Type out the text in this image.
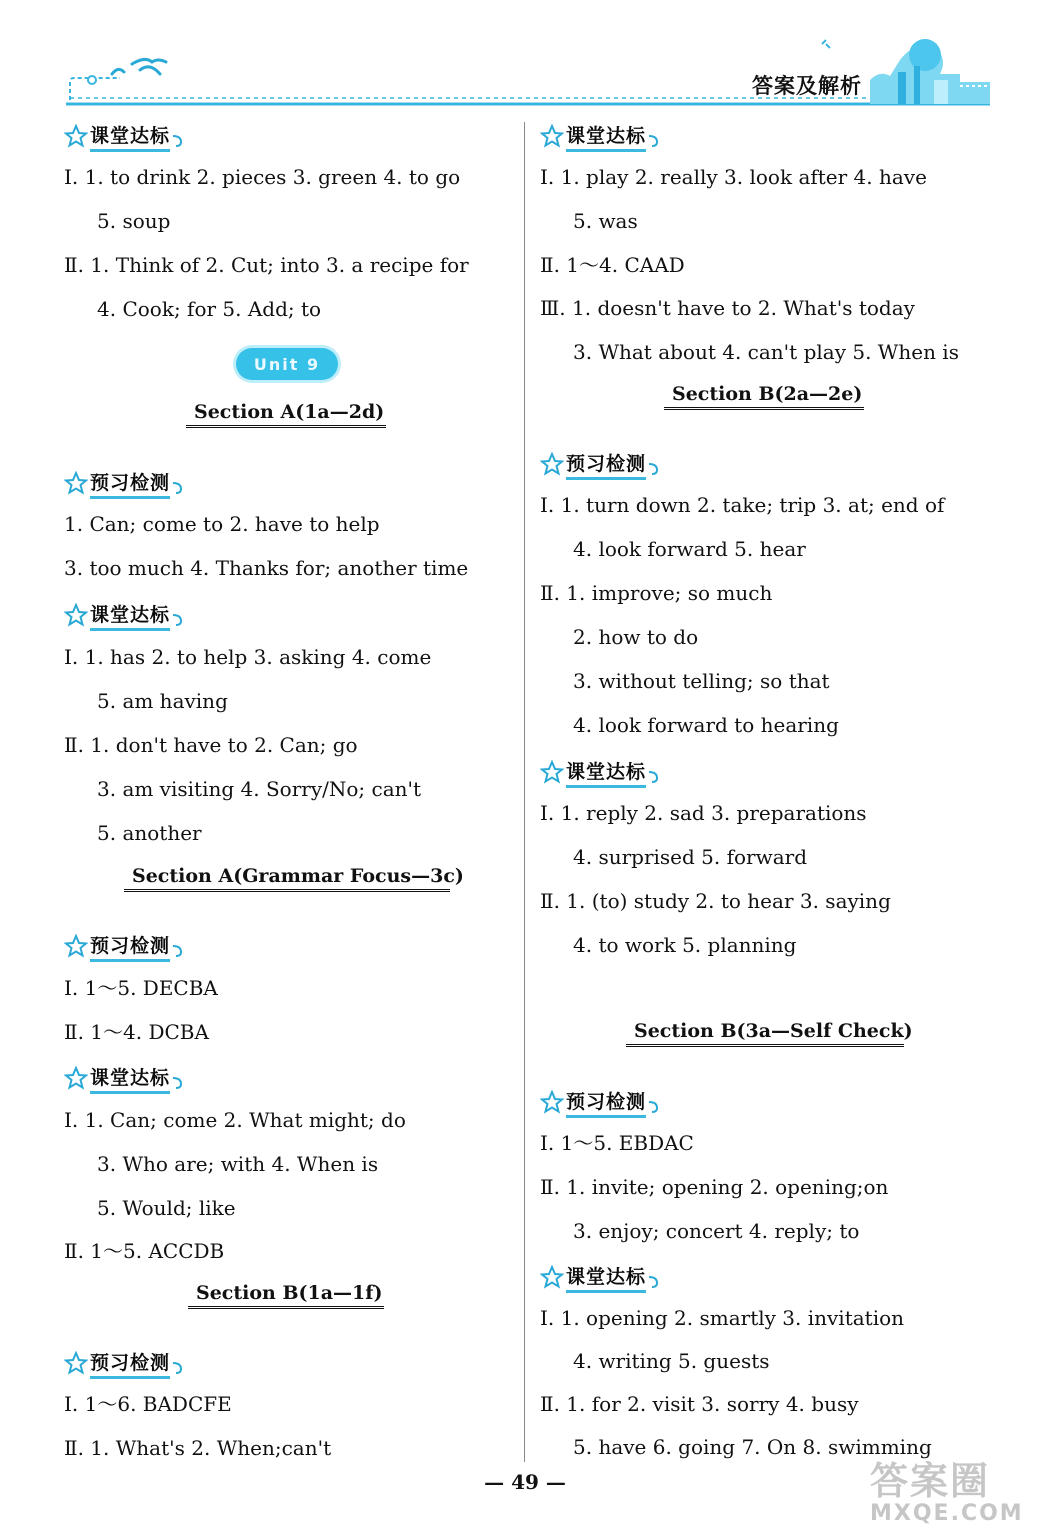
答案及解析
课堂达标
Ⅰ. 1. to drink 2. pieces 3. green 4. to go
5. soup
Ⅱ. 1. Think of 2. Cut; into 3. a recipe for
4. Cook; for 5. Add; to
Unit 9
Section A(1a—2d)
预习检测
1. Can; come to 2. have to help
3. too much 4. Thanks for; another time
课堂达标
Ⅰ. 1. has 2. to help 3. asking 4. come
5. am having
Ⅱ. 1. don't have to 2. Can; go
3. am visiting 4. Sorry/No; can't
5. another
Section A(Grammar Focus—3c)
预习检测
Ⅰ. 1～5. DECBA
Ⅱ. 1～4. DCBA
课堂达标
Ⅰ. 1. Can; come 2. What might; do
3. Who are; with 4. When is
5. Would; like
Ⅱ. 1～5. ACCDB
Section B(1a—1f)
预习检测
Ⅰ. 1～6. BADCFE
Ⅱ. 1. What's 2. When;can't
课堂达标
Ⅰ. 1. play 2. really 3. look after 4. have
5. was
Ⅱ. 1～4. CAAD
Ⅲ. 1. doesn't have to 2. What's today
3. What about 4. can't play 5. When is
Section B(2a—2e)
预习检测
Ⅰ. 1. turn down 2. take; trip 3. at; end of
4. look forward 5. hear
Ⅱ. 1. improve; so much
2. how to do
3. without telling; so that
4. look forward to hearing
课堂达标
Ⅰ. 1. reply 2. sad 3. preparations
4. surprised 5. forward
Ⅱ. 1. (to) study 2. to hear 3. saying
4. to work 5. planning
Section B(3a—Self Check)
预习检测
Ⅰ. 1～5. EBDAC
Ⅱ. 1. invite; opening 2. opening;on
3. enjoy; concert 4. reply; to
课堂达标
Ⅰ. 1. opening 2. smartly 3. invitation
4. writing 5. guests
Ⅱ. 1. for 2. visit 3. sorry 4. busy
5. have 6. going 7. On 8. swimming
— 49 —	答案圈
MXQE.COM
